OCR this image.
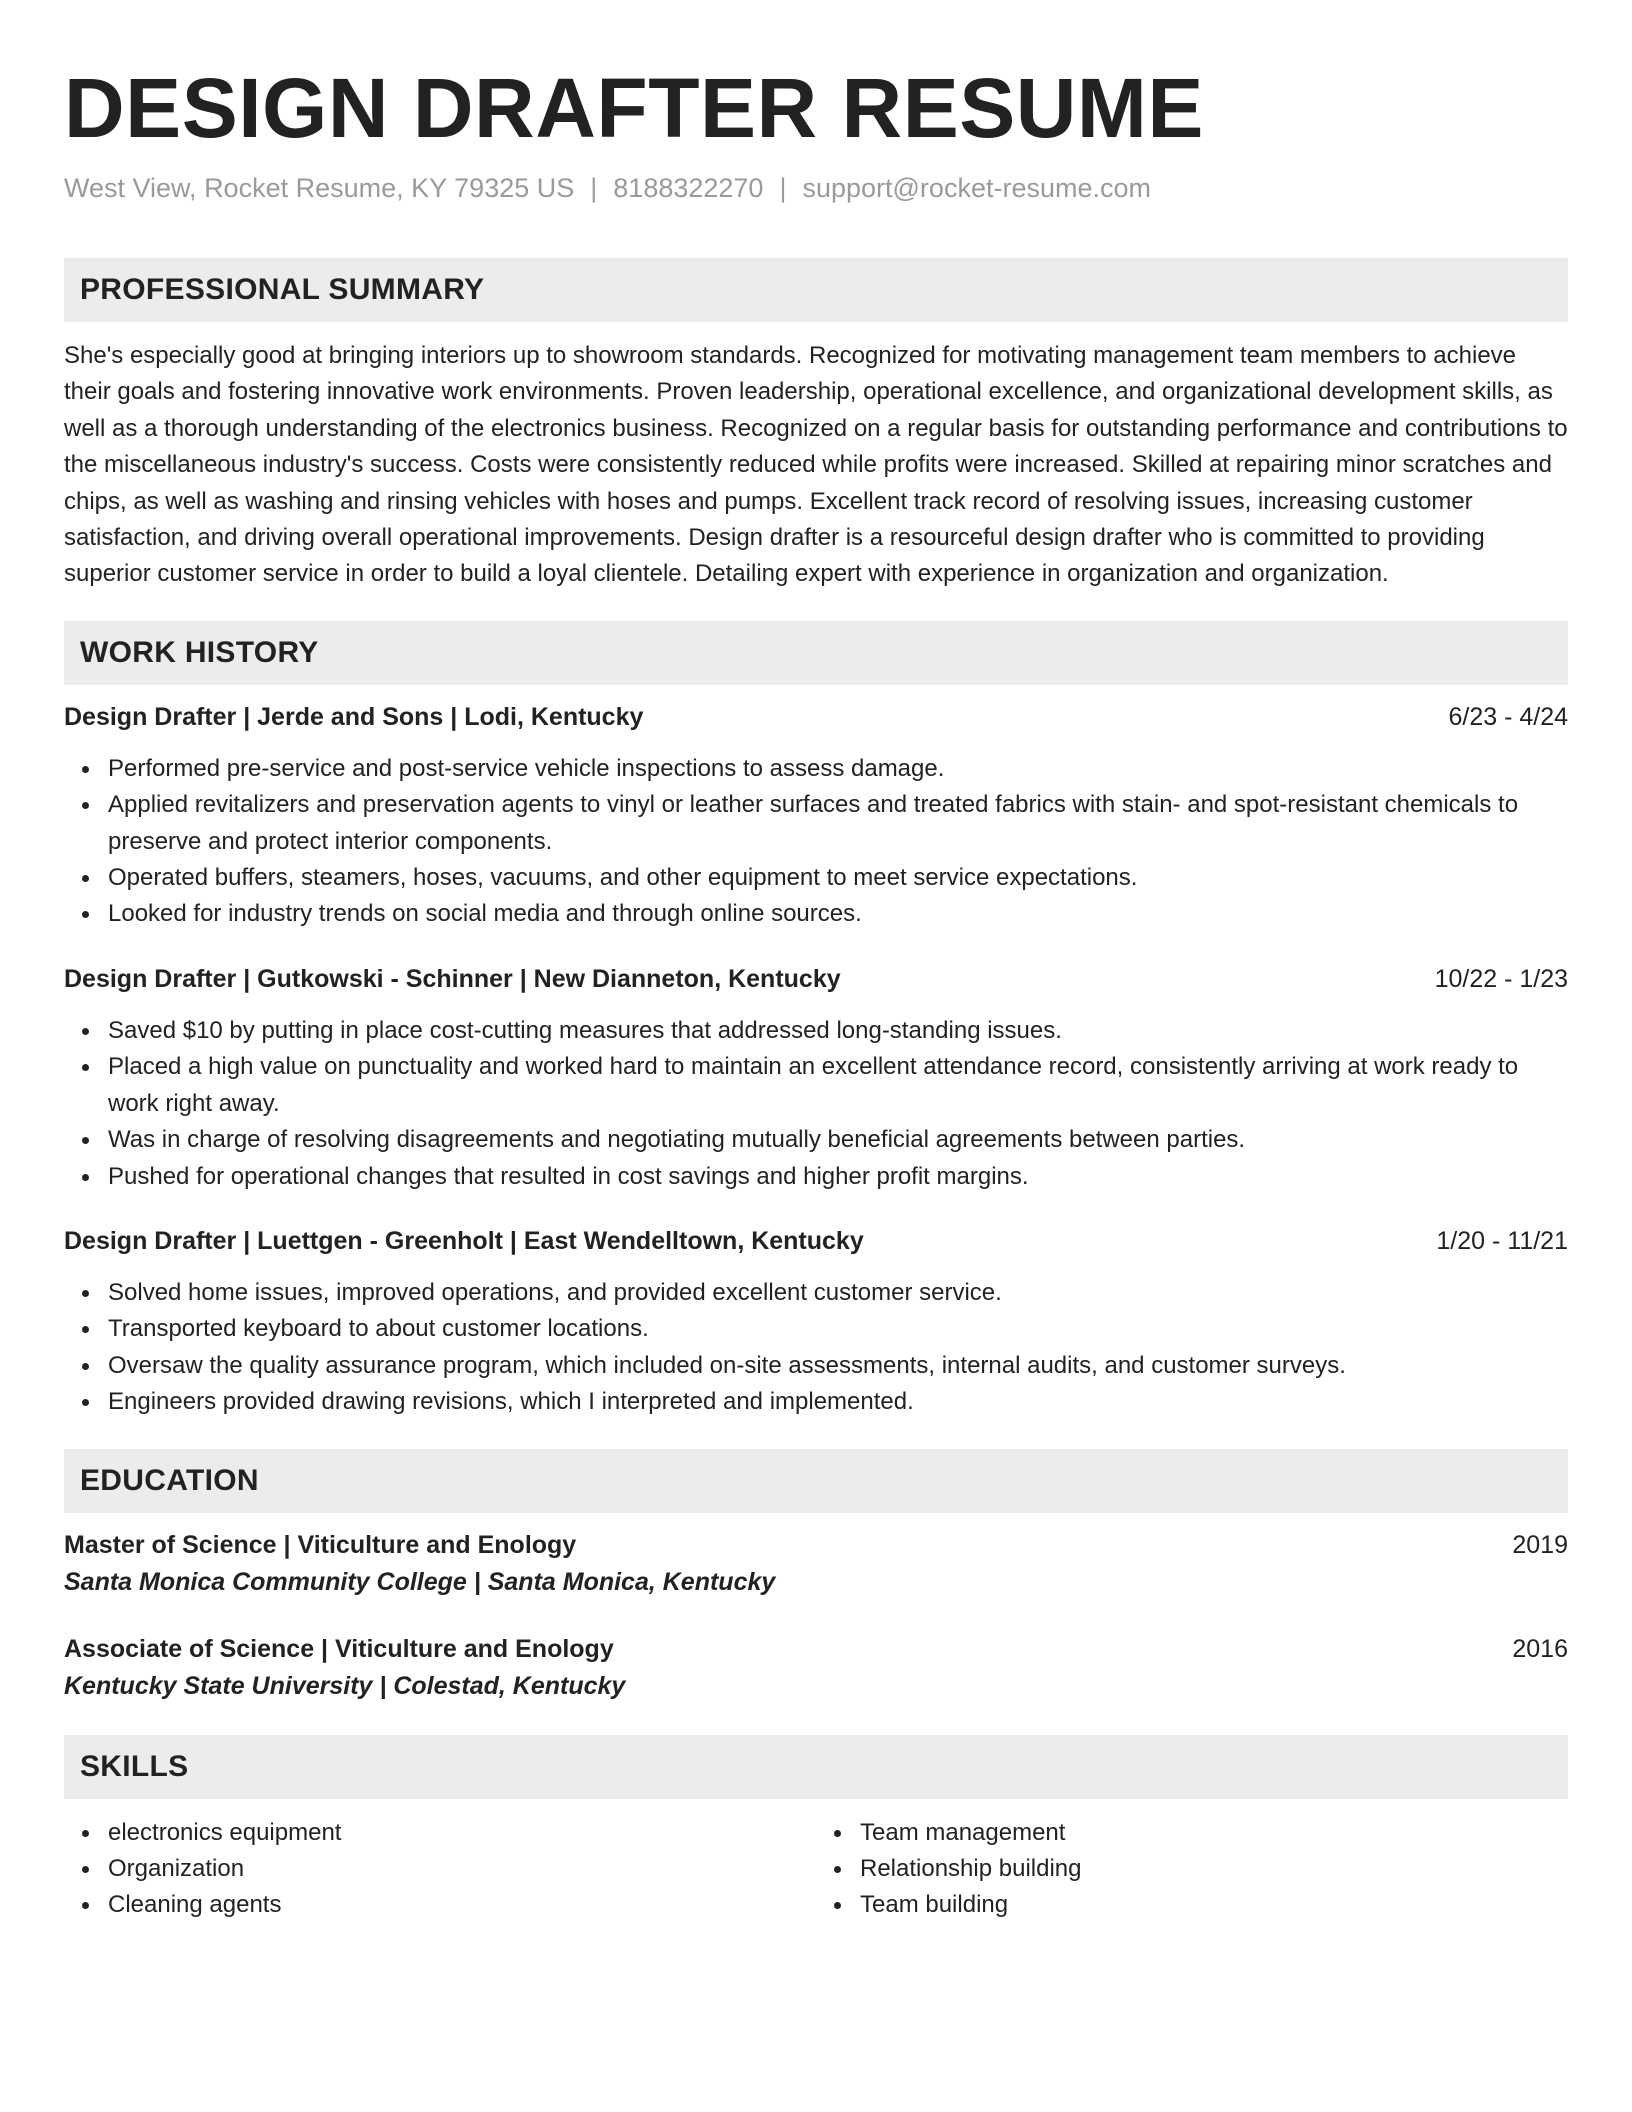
DESIGN DRAFTER RESUME
West View, Rocket Resume, KY 79325 US | 8188322270 | support@rocket-resume.com
PROFESSIONAL SUMMARY

She's especially good at bringing interiors up to showroom standards. Recognized for motivating management team members to achieve their goals and fostering innovative work environments. Proven leadership, operational excellence, and organizational development skills, as well as a thorough understanding of the electronics business. Recognized on a regular basis for outstanding performance and contributions to the miscellaneous industry's success. Costs were consistently reduced while profits were increased. Skilled at repairing minor scratches and chips, as well as washing and rinsing vehicles with hoses and pumps. Excellent track record of resolving issues, increasing customer satisfaction, and driving overall operational improvements. Design drafter is a resourceful design drafter who is committed to providing superior customer service in order to build a loyal clientele. Detailing expert with experience in organization and organization.

WORK HISTORY
Design Drafter | Jerde and Sons | Lodi, Kentucky	6/23 - 4/24
Performed pre-service and post-service vehicle inspections to assess damage.
Applied revitalizers and preservation agents to vinyl or leather surfaces and treated fabrics with stain- and spot-resistant chemicals to preserve and protect interior components.
Operated buffers, steamers, hoses, vacuums, and other equipment to meet service expectations.
Looked for industry trends on social media and through online sources.
Design Drafter | Gutkowski - Schinner | New Dianneton, Kentucky	10/22 - 1/23
Saved $10 by putting in place cost-cutting measures that addressed long-standing issues.
Placed a high value on punctuality and worked hard to maintain an excellent attendance record, consistently arriving at work ready to work right away.
Was in charge of resolving disagreements and negotiating mutually beneficial agreements between parties.
Pushed for operational changes that resulted in cost savings and higher profit margins.
Design Drafter | Luettgen - Greenholt | East Wendelltown, Kentucky	1/20 - 11/21
Solved home issues, improved operations, and provided excellent customer service.
Transported keyboard to about customer locations.
Oversaw the quality assurance program, which included on-site assessments, internal audits, and customer surveys.
Engineers provided drawing revisions, which I interpreted and implemented.
EDUCATION
Master of Science | Viticulture and Enology	2019
Santa Monica Community College | Santa Monica, Kentucky
Associate of Science | Viticulture and Enology	2016
Kentucky State University | Colestad, Kentucky
SKILLS
electronics equipment
Organization
Cleaning agents
Team management
Relationship building
Team building
